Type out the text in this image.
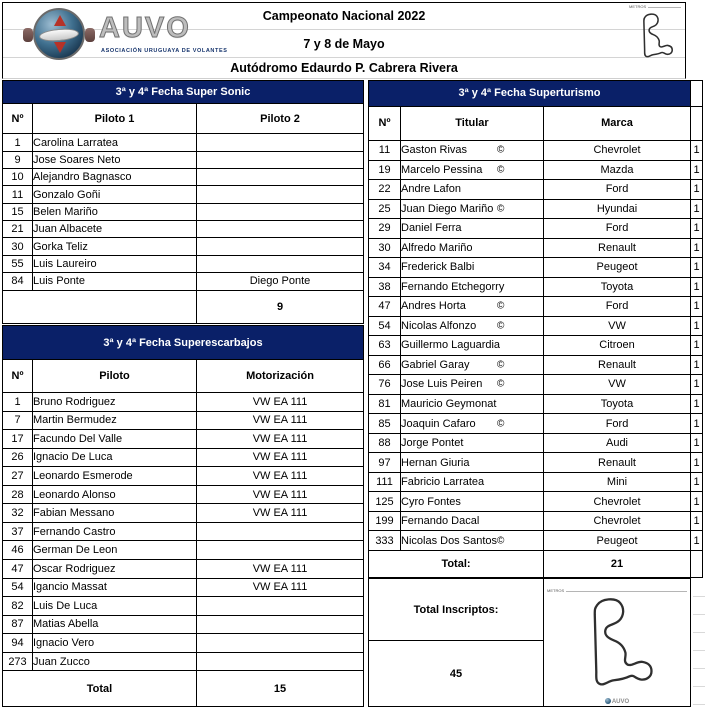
Campeonato Nacional 2022
7 y 8 de Mayo
Autódromo Edaurdo P. Cabrera Rivera
AUVO
ASOCIACIÓN URUGUAYA DE VOLANTES
METROS
3ª y 4ª Fecha Super Sonic		
Nº	Piloto 1	Piloto 2
1	Carolina Larratea	
9	Jose Soares Neto	
10	Alejandro Bagnasco	
11	Gonzalo Goñi	
15	Belen Mariño	
21	Juan Albacete	
30	Gorka Teliz	
55	Luis Laureiro	
84	Luis Ponte	Diego Ponte
		9
3ª y 4ª Fecha Superescarbajos		
Nº	Piloto	Motorización
1	Bruno Rodriguez	VW EA 111
7	Martin Bermudez	VW EA 111
17	Facundo Del Valle	VW EA 111
26	Ignacio De Luca	VW EA 111
27	Leonardo Esmerode	VW EA 111
28	Leonardo Alonso	VW EA 111
32	Fabian Messano	VW EA 111
37	Fernando Castro	
46	German De Leon	
47	Oscar Rodriguez	VW EA 111
54	Igancio Massat	VW EA 111
82	Luis De Luca	
87	Matias Abella	
94	Ignacio Vero	
273	Juan Zucco	
Total		15
3ª y 4ª Fecha Superturismo			
Nº	Titular	Marca	
11	Gaston Rivas ©	Chevrolet	1
19	Marcelo Pessina ©	Mazda	1
22	Andre Lafon	Ford	1
25	Juan Diego Mariño ©	Hyundai	1
29	Daniel Ferra	Ford	1
30	Alfredo Mariño	Renault	1
34	Frederick Balbi	Peugeot	1
38	Fernando Etchegorry	Toyota	1
47	Andres Horta ©	Ford	1
54	Nicolas Alfonzo ©	VW	1
63	Guillermo Laguardia	Citroen	1
66	Gabriel Garay ©	Renault	1
76	Jose Luis Peiren ©	VW	1
81	Mauricio Geymonat	Toyota	1
85	Joaquin Cafaro ©	Ford	1
88	Jorge Pontet	Audi	1
97	Hernan Giuria	Renault	1
111	Fabricio Larratea	Mini	1
125	Cyro Fontes	Chevrolet	1
199	Fernando Dacal	Chevrolet	1
333	Nicolas Dos Santos ©	Peugeot	1
Total:		21	
Total Inscriptos:	
METROS
AUVO

45
